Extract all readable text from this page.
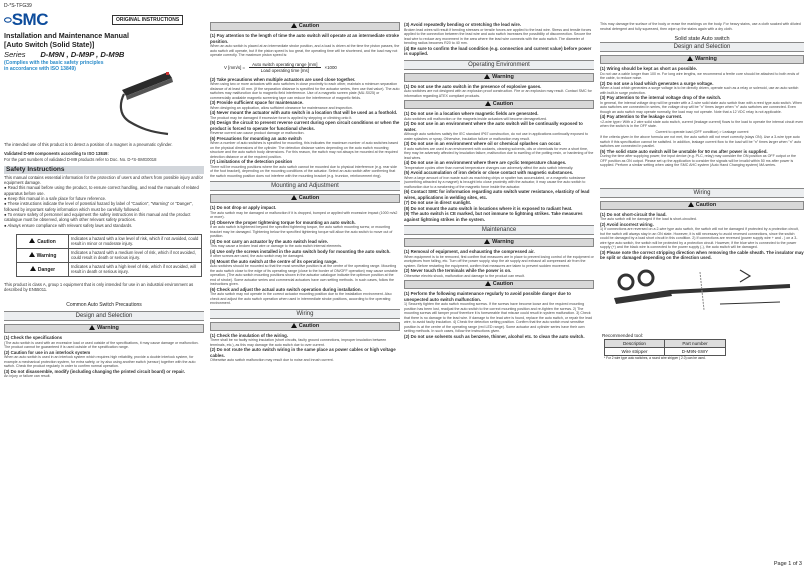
D-*S-TFG39
SMC	ORIGINAL INSTRUCTIONS
Installation and Maintenance Manual
[Auto Switch (Solid State)]
Series D-M9N , D-M9P , D-M9B
(Complies with the basic safety principles in accordance with ISO 13849)
The intended use of this product is to detect a position of a magnet in a pneumatic cylinder.
Validated D-M9 components according to ISO 13849:
For the part numbers of validated D-M9 products refer to Doc. No. D-*S-SMG0018
Safety Instructions
This manual contains essential information for the protection of users and others from possible injury and/or equipment damage.
● Read this manual before using the product, to ensure correct handling, and read the manuals of related apparatus before use.
● Keep this manual in a safe place for future reference.
● These instructions indicate the level of potential hazard by label of "Caution", "Warning" or "Danger", followed by important safety information which must be carefully followed.
● To ensure safety of personnel and equipment the safety instructions in this manual and the product catalogue must be observed, along with other relevant safety practices.
● Always ensure compliance with relevant safety laws and standards.
Caution	Indicates a hazard with a low level of risk, which if not avoided, could result in minor or moderate injury.
Warning	Indicates a hazard with a medium level of risk, which if not avoided, could result in death or serious injury.
Danger	Indicates a hazard with a high level of risk, which if not avoided, will result in death or serious injury.
This product is class A, group 1 equipment that is only intended for use in an industrial environment as described by EN55011.
Common Auto Switch Precautions
Design and Selection
Warning
(1) Check the specifications
(The auto switch is used with an excessive load or used outside of the specifications, it may cause damage or malfunction. The product cannot be guaranteed if is used outside of the specification range.
(2) Caution for use in an interlock system
When an auto switch is used in an interlock system which requires high reliability, provide a double interlock system, for example a mechanical protection system, for extra safety, or by also using another switch (sensor) together with the auto switch. Check the product regularly in order to confirm normal operation.
(3) Do not disassemble, modify (including changing the printed circuit board) or repair.
An injury or failure can result.
Caution
(1) Pay attention to the length of time the auto switch will operate at an intermediate stroke position.
When an auto switch is placed at an intermediate stroke position, and a load is driven at the time the piston passes, the auto switch will operate, but if the piston speed is too great, the operating time will be shortened, and the load may not operate correctly. The maximum piston speed is:
V [mm/s] =
Auto switch operating range [mm]
Load operating time [ms]
×1000
(2) Take precautions when multiple actuators are used close together.
When using two or more actuators with auto switches in close proximity to each other, maintain a minimum separation distance of at least 40 mm. (If the separation distance is specified for the actuator series, then use that value). The auto switches may malfunction due to magnetic field interference. Use of a magnetic screen plate (MU-S025) or commercially available magnetic screening tape can reduce the interference of magnetic fields.
(3) Provide sufficient space for maintenance.
When designing an application, allow sufficient clearance for maintenance and inspection.
(4) Never mount the actuator with auto switch in a location that will be used as a foothold.
The product may be damaged if excessive force is applied by stepping or climbing onto it.
(5) Design the circuit to prevent reverse current during open circuit conditions or when the product is forced to operate for functional checks.
Reverse current can cause product damage or malfunction.
(6) Precautions for mounting an auto switch
When a number of auto switches is specified for mounting, this indicates the maximum number of auto switches based on the physical dimensions of the cylinder. The detection distance varies depending on the auto switch mounting structure and the auto switch body dimensions. For this reason, the switch may not always be mounted at the required detection distance or at the required position.
(7) Limitations of the detection position
There will be mounting positions where the auto switch cannot be mounted due to physical interference (e.g. rear side of the foot bracket), depending on the mounting conditions of the actuator. Select an auto switch after confirming that the switch mounting position does not interfere with the mounting bracket (e.g. trunnion, reinforcement ring).
Mounting and Adjustment
Caution
(1) Do not drop or apply impact.
The auto switch may be damaged or malfunction if it is dropped, bumped or applied with excessive impact (1000 m/s2 or more).
(2) Observe the proper tightening torque for mounting an auto switch.
If an auto switch is tightened beyond the specified tightening torque, the auto switch mounting screw, or mounting bracket may be damaged. Tightening below the specified tightening torque will allow the auto switch to move out of position.
(3) Do not carry an actuator by the auto switch lead wire.
This may cause a broken lead wire or damage to the auto switch internal elements.
(4) Use only the screws installed in the auto switch body for mounting the auto switch.
If other screws are used, the auto switch may be damaged.
(5) Mount the auto switch at the centre of its operating range.
Auto switches should be mounted so that the most sensitive position is at the centre of the operating range. Mounting the auto switch close to the edge of its operating range (close to the border of ON/OFF operation) may cause unstable operation. (The auto switch mounting positions shown in the actuator catalogue indicate the optimum position at the end of stroke). Some actuator series and commercial actuators have own setting methods. In such cases, follow the instructions given.
(6) Check and adjust the actual auto switch operation during installation.
The auto switch may not operate in the correct actuator mounting position due to the installation environment. Also check and adjust the auto switch operation when used in intermediate stroke positions, according to the operating environment.
Wiring
Caution
(1) Check the insulation of the wiring.
There shall be no faulty wiring insulation (short circuits, faulty ground connections, improper insulation between terminals, etc.), as this may damage the auto switch due to over current.
(2) Do not route the auto switch wiring in the same place as power cables or high voltage cables.
Otherwise auto switch malfunction may result due to noise and inrush current.
(3) Avoid repeatedly bending or stretching the lead wire.
Broken lead wires will result if bending stresses or tensile forces are applied to the lead wire. Stress and tensile forces applied to the connection between the lead wire and auto switch increases the possibility of disconnection. Secure the lead wire to reduce any movement in the area where the lead wire connects with the auto switch. The diameter of bending radius becomes R20 to 40 mm.
(4) Be sure to confirm the load condition (e.g. connection and current value) before power is supplied.
Operating Environment
Warning
(1) Do not use the auto switch in the presence of explosive gases.
Auto switches are not designed with an explosion proof construction. Fire or an explosion may result. Contact SMC for information regarding ATEX compliant products.
Caution
(1) Do not use in a location where magnetic fields are generated.
Auto switches will malfunction or the magnets inside actuators will become demagnetized.
(2) Do not use in an environment where the auto switch will be continually exposed to water.
Although auto switches satisfy the IEC standard IP67 construction, do not use in applications continually exposed to water splashes or spray. Otherwise, insulation failure or malfunction may result.
(3) Do not use in an environment where oil or chemical splashes can occur.
If auto switches are used in an environment with coolants, cleaning solvents, oils or chemicals for even a short time, they may be adversely affected by insulation failure, malfunction due to swelling of the potting resin, or hardening of the lead wires.
(4) Do not use in an environment where there are cyclic temperature changes.
Temperature cycles other than normal temperature changes can adversely affect the auto switch internally.
(5) Avoid accumulation of iron debris or close contact with magnetic substances.
When a large amount of iron waste such as machining chips or spatter has accumulated, or a magnetic substance (something attracted by a magnet) is brought into close proximity with the actuator, it may cause the auto switch to malfunction due to a weakening of the magnetic force inside the actuator.
(6) Contact SMC for information regarding auto switch water resistance, elasticity of lead wires, applications in welding sites, etc.
(7) Do not use in direct sunlight.
(8) Do not mount the auto switch in locations where it is exposed to radiant heat.
(9) The auto switch is CE marked, but not immune to lightning strikes. Take measures against lightning strikes in the system.
Maintenance
Warning
(1) Removal of equipment, and exhausting the compressed air.
When equipment is to be removed, first confirm that measures are in place to prevent losing control of the equipment or workpieces from falling, etc. Turn off the power supply, stop the air supply and exhaust all compressed air from the system. Before restarting the equipment, confirm that measures are taken to prevent sudden movement.
(2) Never touch the terminals while the power is on.
Otherwise electric shock, malfunction and damage to the product can result.
Caution
(1) Perform the following maintenance regularly to avoid possible danger due to unexpected auto switch malfunction.
1) Securely tighten the auto switch mounting screws. If the screws have become loose and the required mounting position has been lost, readjust the auto switch to the correct mounting position and re-tighten the screws. 2) The mounting screws will tamper proof therefore it is foreseeable that misuse could result in system malfunction. 3) Check that there is no damage to the lead wire. If damage to the lead wire is found, replace the auto switch, or repair the lead wire, to avoid faulty insulation. 4) Check the detection setting position. Confirm that the auto switch most sensitive position is at the centre of the operating range (red LED range). Some actuator and cylinder series have their own setting methods. In such cases, follow the instructions given.
(2) Do not use solvents such as benzene, thinner, alcohol etc. to clean the auto switch.
This may damage the surface of the body or erase the markings on the body. For heavy stains, use a cloth soaked with diluted neutral detergent and fully squeezed, then wipe up the stains again with a dry cloth.
Solid state Auto switch
Design and Selection
Warning
(1) Wiring should be kept as short as possible.
Do not use a cable longer than 100 m. For long wire lengths, we recommend a ferrite core should be attached to both ends of the cable, to reduce noise.
(2) Do not use a load which generates a surge voltage.
When a load which generates a surge voltage is to be directly driven, operate such as a relay or solenoid, use an auto switch with built-in surge protection.
(3) Pay attention to the internal voltage drop of the switch.
In general, the internal voltage drop will be greater with a 2-wire solid state auto switch than with a reed type auto switch. When auto switches are connected in series, the voltage drop will be "n" times larger when "n" auto switches are connected. Even though an auto switch may operate normally, the load may not operate. Note that a 12 VDC relay is not applicable.
(4) Pay attention to the leakage current.
<2-wire type> With a 2 wire solid state auto switch, current (leakage current) flows to the load to operate the internal circuit even when the switch is in the OFF state.
Current to operate load (OFF condition) > Leakage current
If the criteria given in the above formula are not met, the auto switch will not reset correctly (stays ON). Use a 3-wire type auto switch if this specification cannot be satisfied. In addition, leakage current flow to the load will be "n" times larger when "n" auto switches are connected in parallel.
(5) The solid state auto switch will be unstable for 50 ms after power is supplied.
During the time after supplying power, the input device (e.g. PLC, relay) may consider the ON position as OFF output or the OFF position as ON output. Please set up the application to consider the signals will be invalid within 50 ms after power is supplied. Perform a similar setting when using the SMC AHC system (Auto Hand Changing system) MA series.
Wiring
Caution
(1) Do not short-circuit the load.
The auto switch will be damaged if the load is short-circuited.
(2) Avoid incorrect wiring.
1) If connections are reversed on a 2-wire type auto switch, the switch will not be damaged if protected by a protection circuit, but the switch will always stay in an ON state. However, it is still necessary to avoid reversed connections, since the switch could be damaged by a load short circuit in this condition. 2) If connections are reversed (power supply wire + and - ) on a 3-wire type auto switch, the switch will be protected by a protection circuit. However, if the blue wire is connected to the power supply (+) and the black wire is connected to the power supply (-), the auto switch will be damaged.
(3) Please note the correct stripping direction when removing the cable sheath. The insulator may be split or damaged depending on the direction used.
Recommended tool:
Description	Part number
Wire stripper	D-M9N-SWY
* For 2 wire type auto switches, a round wire stripper ( 2.0) can be used.
Page 1 of 3
